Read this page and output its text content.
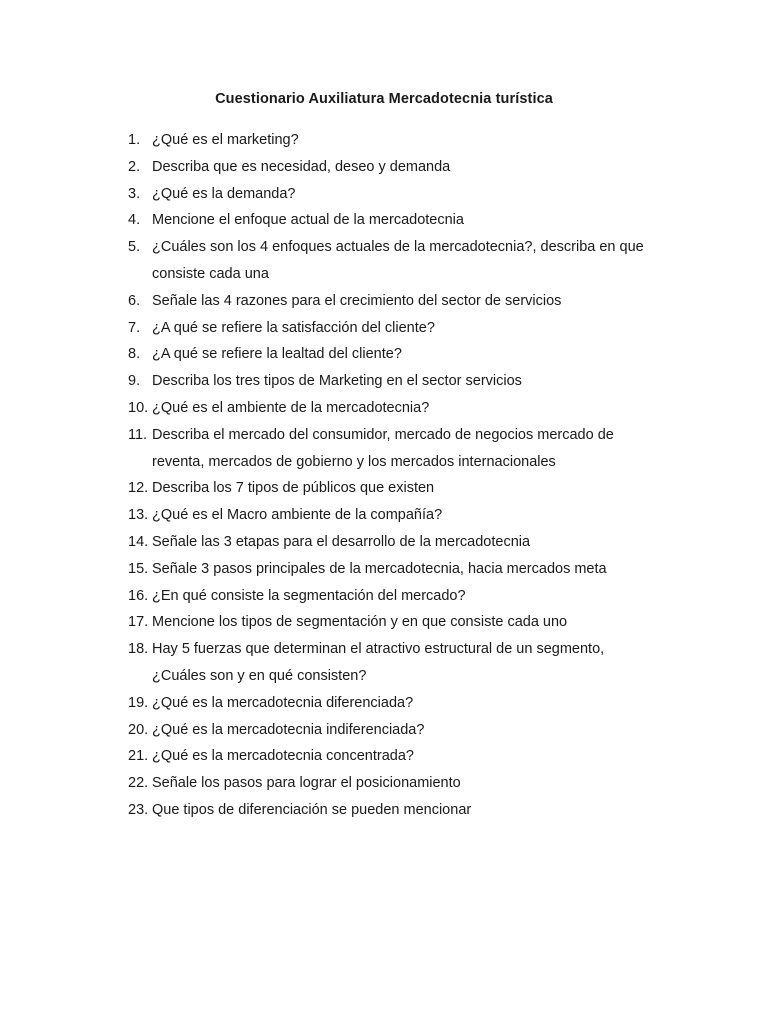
Cuestionario Auxiliatura Mercadotecnia turística
1. ¿Qué es el marketing?
2. Describa que es necesidad, deseo y demanda
3. ¿Qué es la demanda?
4. Mencione el enfoque actual de la mercadotecnia
5. ¿Cuáles son los 4 enfoques actuales de la mercadotecnia?, describa en que consiste cada una
6. Señale las 4 razones para el crecimiento del sector de servicios
7. ¿A qué se refiere la satisfacción del cliente?
8. ¿A qué se refiere la lealtad del cliente?
9. Describa los tres tipos de Marketing en el sector servicios
10. ¿Qué es el ambiente de la mercadotecnia?
11. Describa el mercado del consumidor, mercado de negocios mercado de reventa, mercados de gobierno y los mercados internacionales
12. Describa los 7 tipos de públicos que existen
13. ¿Qué es el Macro ambiente de la compañía?
14. Señale las 3 etapas para el desarrollo de la mercadotecnia
15. Señale 3 pasos principales de la mercadotecnia, hacia mercados meta
16. ¿En qué consiste la segmentación del mercado?
17. Mencione los tipos de segmentación y en que consiste cada uno
18. Hay 5 fuerzas que determinan el atractivo estructural de un segmento, ¿Cuáles son y en qué consisten?
19. ¿Qué es la mercadotecnia diferenciada?
20. ¿Qué es la mercadotecnia indiferenciada?
21. ¿Qué es la mercadotecnia concentrada?
22. Señale los pasos para lograr el posicionamiento
23. Que tipos de diferenciación se pueden mencionar
